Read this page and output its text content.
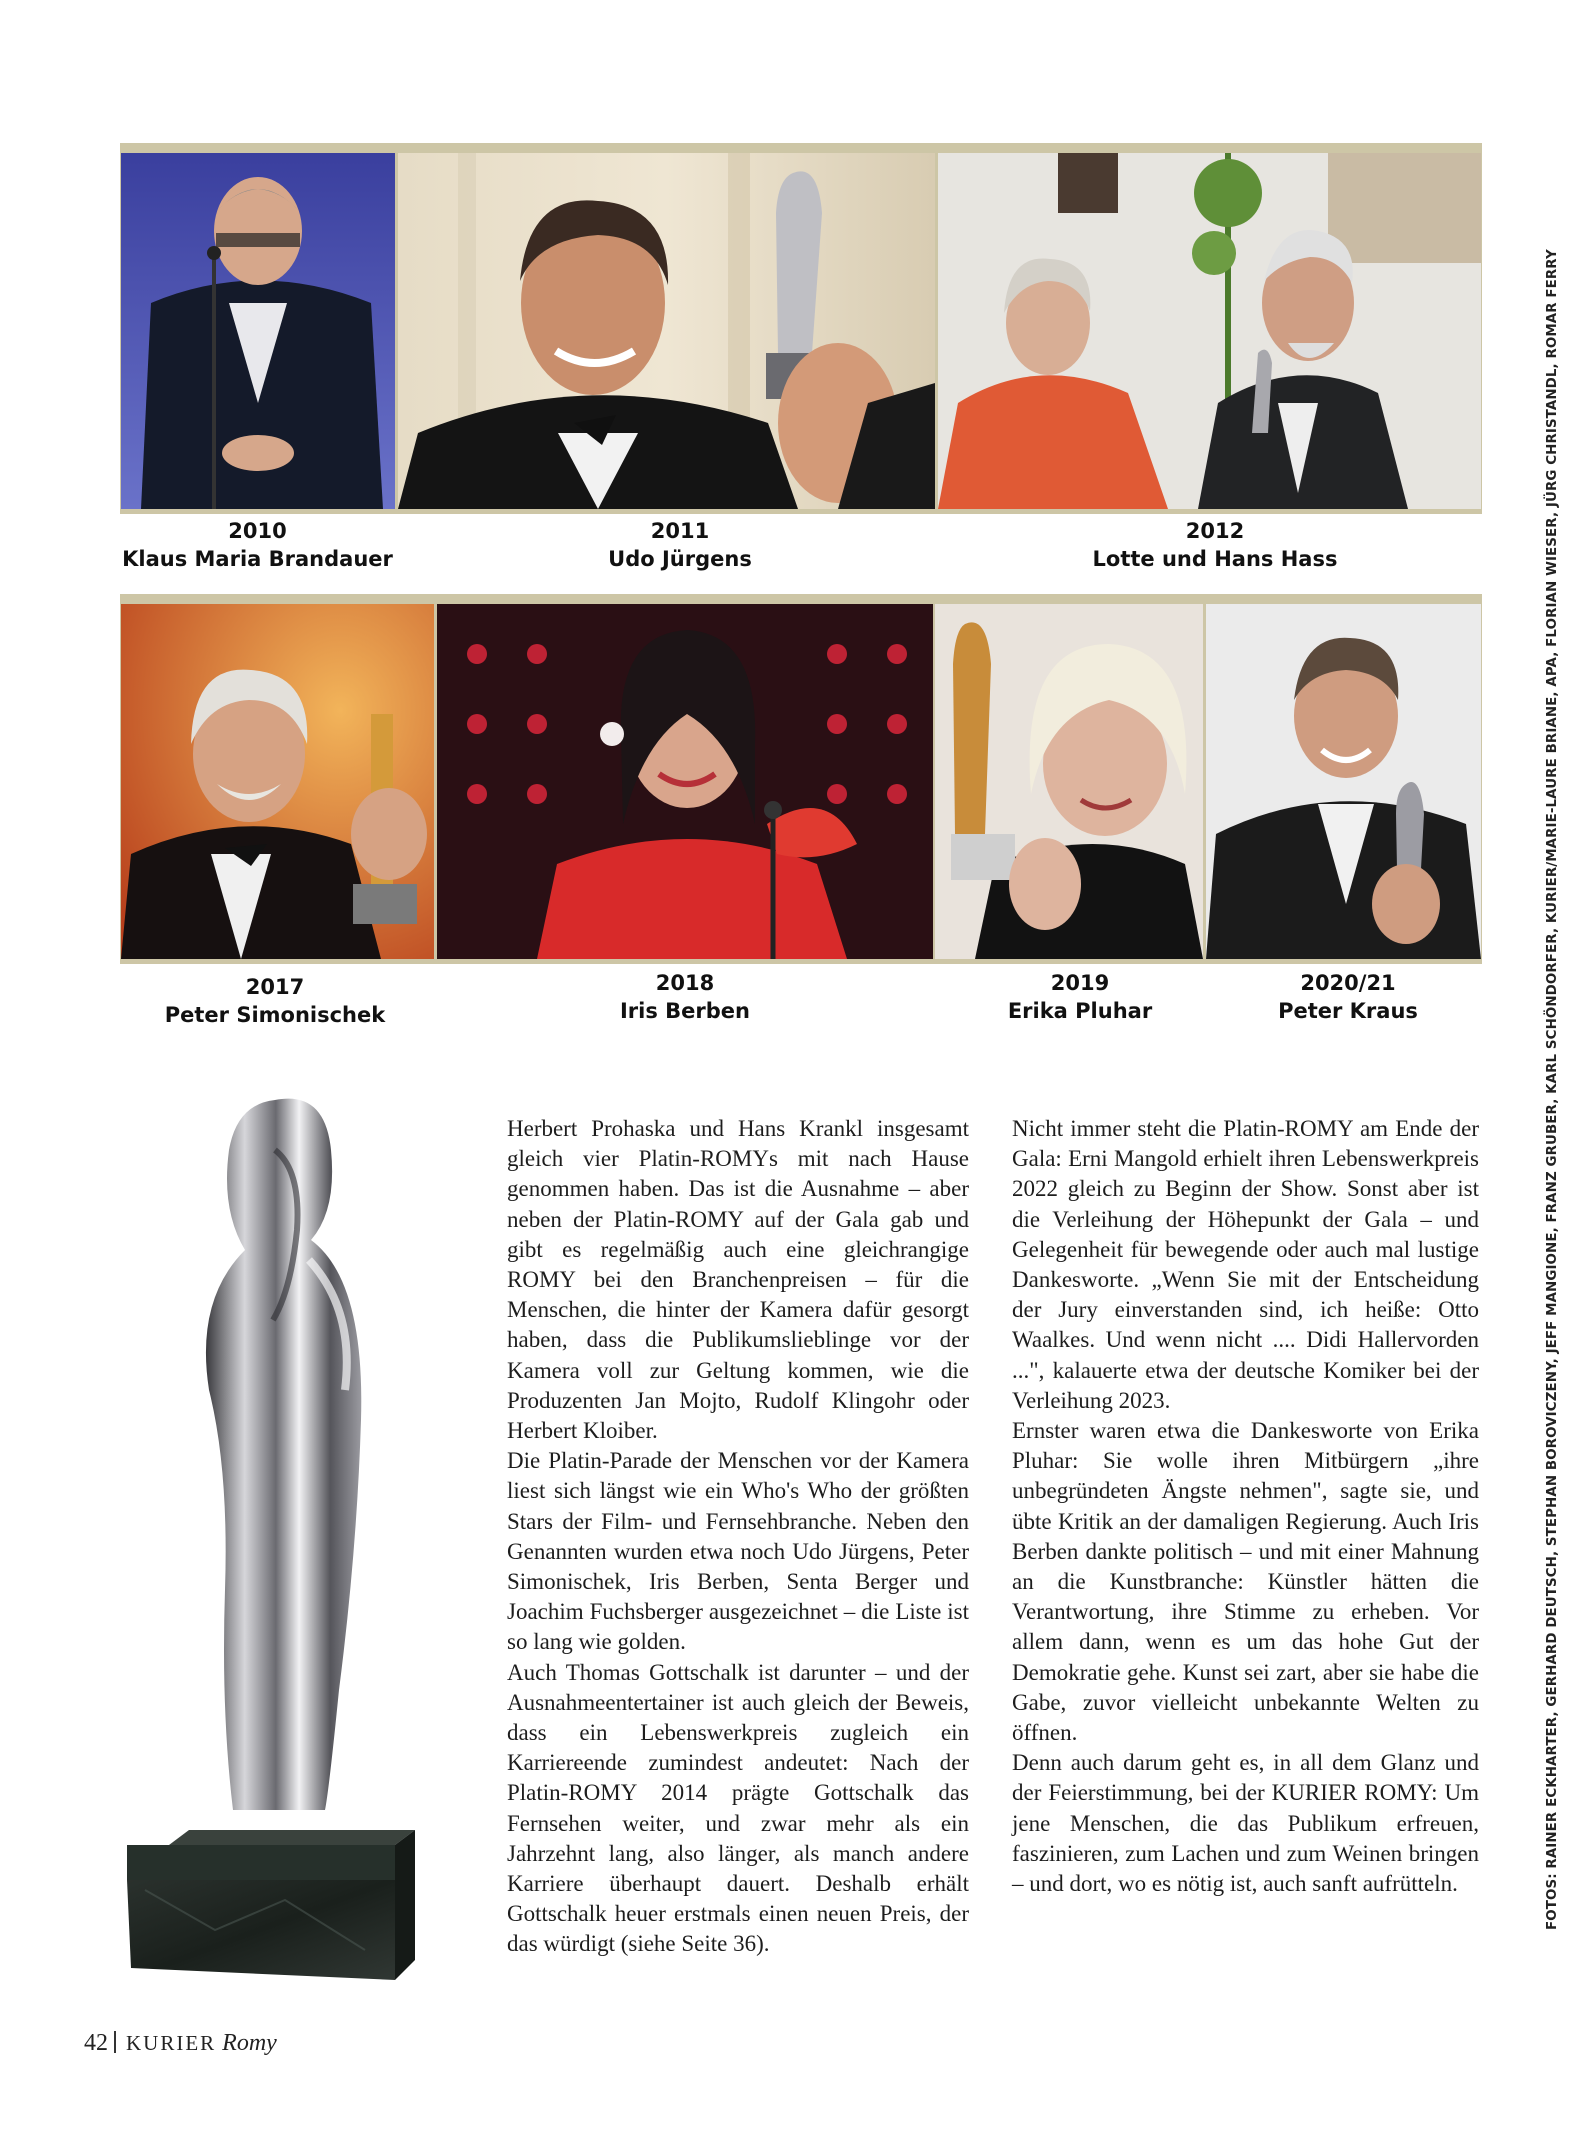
2010
Klaus Maria Brandauer
2011
Udo Jürgens
2012
Lotte und Hans Hass
2017
Peter Simonischek
2018
Iris Berben
2019
Erika Pluhar
2020/21
Peter Kraus

Herbert Prohaska und Hans Krankl insgesamt gleich vier Platin-ROMYs mit nach Hause genommen haben. Das ist die Ausnahme – aber neben der Platin-ROMY auf der Gala gab und gibt es regelmäßig auch eine gleichrangige ROMY bei den Branchenpreisen – für die Menschen, die hinter der Kamera dafür gesorgt haben, dass die Publikumslieblinge vor der Kamera voll zur Geltung kommen, wie die Produzenten Jan Mojto, Rudolf Klingohr oder Herbert Kloiber.

Die Platin-Parade der Menschen vor der Kamera liest sich längst wie ein Who's Who der größten Stars der Film- und Fernsehbranche. Neben den Genannten wurden etwa noch Udo Jürgens, Peter Simonischek, Iris Berben, Senta Berger und Joachim Fuchsberger ausgezeichnet – die Liste ist so lang wie golden.

Auch Thomas Gottschalk ist darunter – und der Ausnahmeentertainer ist auch gleich der Beweis, dass ein Lebenswerkpreis zugleich ein Karriereende zumindest andeutet: Nach der Platin-ROMY 2014 prägte Gottschalk das Fernsehen weiter, und zwar mehr als ein Jahrzehnt lang, also länger, als manch andere Karriere überhaupt dauert. Deshalb erhält Gottschalk heuer erstmals einen neuen Preis, der das würdigt (siehe Seite 36).

Nicht immer steht die Platin-ROMY am Ende der Gala: Erni Mangold erhielt ihren Lebenswerkpreis 2022 gleich zu Beginn der Show. Sonst aber ist die Verleihung der Höhepunkt der Gala – und Gelegenheit für bewegende oder auch mal lustige Dankesworte. „Wenn Sie mit der Entscheidung der Jury einverstanden sind, ich heiße: Otto Waalkes. Und wenn nicht .... Didi Hallervorden ...", kalauerte etwa der deutsche Komiker bei der Verleihung 2023.

Ernster waren etwa die Dankesworte von Erika Pluhar: Sie wolle ihren Mitbürgern „ihre unbegründeten Ängste nehmen", sagte sie, und übte Kritik an der damaligen Regierung. Auch Iris Berben dankte politisch – und mit einer Mahnung an die Kunstbranche: Künstler hätten die Verantwortung, ihre Stimme zu erheben. Vor allem dann, wenn es um das hohe Gut der Demokratie gehe. Kunst sei zart, aber sie habe die Gabe, zuvor vielleicht unbekannte Welten zu öffnen.

Denn auch darum geht es, in all dem Glanz und der Feierstimmung, bei der KURIER ROMY: Um jene Menschen, die das Publikum erfreuen, faszinieren, zum Lachen und zum Weinen bringen – und dort, wo es nötig ist, auch sanft aufrütteln.	FOTOS: RAINER ECKHARTER, GERHARD DEUTSCH, STEPHAN BOROVICZENY, JEFF MANGIONE, FRANZ GRUBER, KARL SCHÖNDORFER, KURIER/MARIE-LAURE BRIANE, APA, FLORIAN WIESER, JÜRG CHRISTANDL, ROMAR FERRY
42 KURIER Romy
